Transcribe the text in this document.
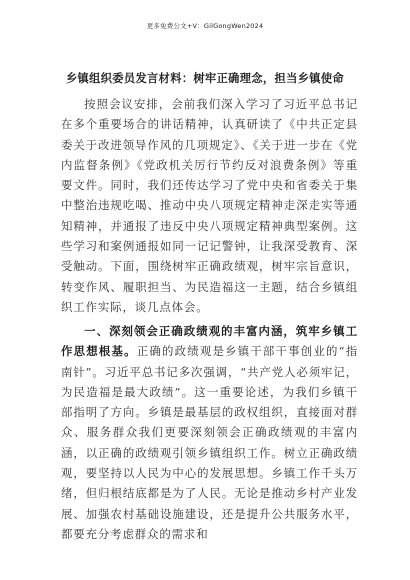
更多免费公文+V：GilGongWen2024
乡镇组织委员发言材料：树牢正确理念，担当乡镇使命
按照会议安排，会前我们深入学习了习近平总书记在多个重要场合的讲话精神，认真研读了《中共正定县委关于改进领导作风的几项规定》、《关于进一步在《党内监督条例》《党政机关厉行节约反对浪费条例》等重要文件。同时，我们还传达学习了党中央和省委关于集中整治违规吃喝、推动中央八项规定精神走深走实等通知精神，并通报了违反中央八项规定精神典型案例。这些学习和案例通报如同一记记警钟，让我深受教育、深受触动。下面，围绕树牢正确政绩观，树牢宗旨意识，转变作风、履职担当、为民造福这一主题，结合乡镇组织工作实际，谈几点体会。
一、深刻领会正确政绩观的丰富内涵，筑牢乡镇工作思想根基。正确的政绩观是乡镇干部干事创业的“指南针”。习近平总书记多次强调，“共产党人必须牢记，为民造福是最大政绩”。这一重要论述，为我们乡镇干部指明了方向。乡镇是最基层的政权组织，直接面对群众、服务群众我们更要深刻领会正确政绩观的丰富内涵，以正确的政绩观引领乡镇组织工作。树立正确政绩观，要坚持以人民为中心的发展思想。乡镇工作千头万绪，但归根结底都是为了人民。无论是推动乡村产业发展、加强农村基础设施建设，还是提升公共服务水平，都要充分考虑群众的需求和
